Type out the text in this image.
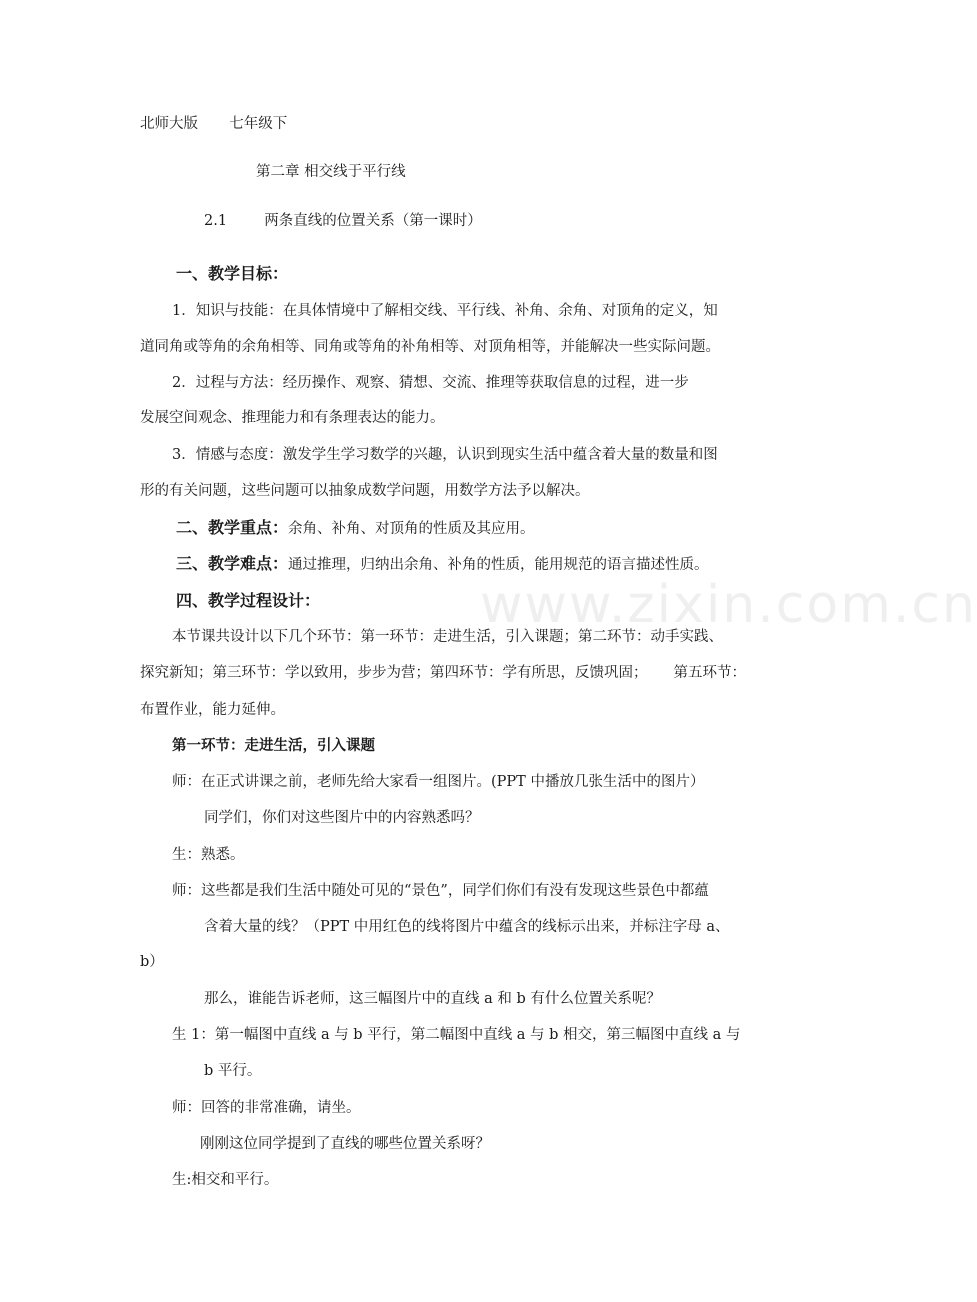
www.zixin.com.cn
北师大版 七年级下
第二章 相交线于平行线
2.1	两条直线的位置关系（第一课时）
一、教学目标：
1．知识与技能：在具体情境中了解相交线、平行线、补角、余角、对顶角的定义，知
道同角或等角的余角相等、同角或等角的补角相等、对顶角相等，并能解决一些实际问题。
2．过程与方法：经历操作、观察、猜想、交流、推理等获取信息的过程，进一步
发展空间观念、推理能力和有条理表达的能力。
3．情感与态度：激发学生学习数学的兴趣，认识到现实生活中蕴含着大量的数量和图
形的有关问题，这些问题可以抽象成数学问题，用数学方法予以解决。
二、教学重点：余角、补角、对顶角的性质及其应用。
三、教学难点：通过推理，归纳出余角、补角的性质，能用规范的语言描述性质。
四、教学过程设计：
本节课共设计以下几个环节：第一环节：走进生活，引入课题；第二环节：动手实践、
探究新知；第三环节：学以致用，步步为营；第四环节：学有所思，反馈巩固； 第五环节：
布置作业，能力延伸。
第一环节：走进生活，引入课题
师：在正式讲课之前，老师先给大家看一组图片。(PPT 中播放几张生活中的图片）
同学们，你们对这些图片中的内容熟悉吗？
生：熟悉。
师：这些都是我们生活中随处可见的“景色”，同学们你们有没有发现这些景色中都蕴
含着大量的线？（PPT 中用红色的线将图片中蕴含的线标示出来，并标注字母 a、
b）
那么，谁能告诉老师，这三幅图片中的直线 a 和 b 有什么位置关系呢？
生 1：第一幅图中直线 a 与 b 平行，第二幅图中直线 a 与 b 相交，第三幅图中直线 a 与
b 平行。
师：回答的非常准确，请坐。
刚刚这位同学提到了直线的哪些位置关系呀？
生:相交和平行。
